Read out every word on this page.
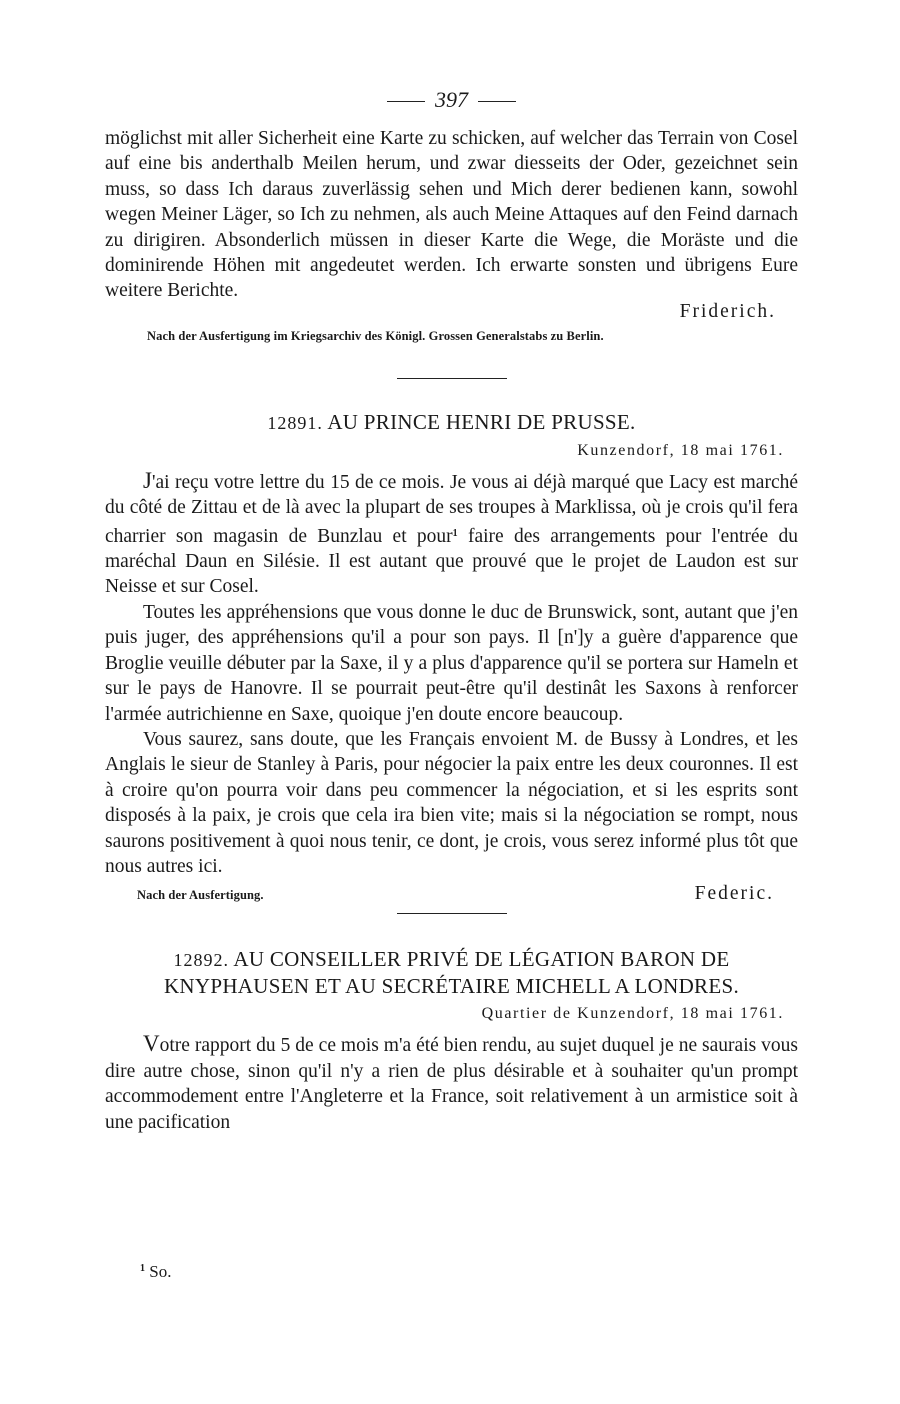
397

möglichst mit aller Sicherheit eine Karte zu schicken, auf welcher das Terrain von Cosel auf eine bis anderthalb Meilen herum, und zwar diesseits der Oder, gezeichnet sein muss, so dass Ich daraus zuverlässig sehen und Mich derer bedienen kann, sowohl wegen Meiner Läger, so Ich zu nehmen, als auch Meine Attaques auf den Feind darnach zu dirigiren. Absonderlich müssen in dieser Karte die Wege, die Moräste und die dominirende Höhen mit angedeutet werden. Ich erwarte sonsten und übrigens Eure weitere Berichte.

Friderich.
Nach der Ausfertigung im Kriegsarchiv des Königl. Grossen Generalstabs zu Berlin.
12891. AU PRINCE HENRI DE PRUSSE.
Kunzendorf, 18 mai 1761.

J'ai reçu votre lettre du 15 de ce mois. Je vous ai déjà marqué que Lacy est marché du côté de Zittau et de là avec la plupart de ses troupes à Marklissa, où je crois qu'il fera charrier son magasin de Bunzlau et pour$^1$ faire des arrangements pour l'entrée du maréchal Daun en Silésie. Il est autant que prouvé que le projet de Laudon est sur Neisse et sur Cosel.

Toutes les appréhensions que vous donne le duc de Brunswick, sont, autant que j'en puis juger, des appréhensions qu'il a pour son pays. Il [n']y a guère d'apparence que Broglie veuille débuter par la Saxe, il y a plus d'apparence qu'il se portera sur Hameln et sur le pays de Hanovre. Il se pourrait peut-être qu'il destinât les Saxons à renforcer l'armée autrichienne en Saxe, quoique j'en doute encore beaucoup.

Vous saurez, sans doute, que les Français envoient M. de Bussy à Londres, et les Anglais le sieur de Stanley à Paris, pour négocier la paix entre les deux couronnes. Il est à croire qu'on pourra voir dans peu commencer la négociation, et si les esprits sont disposés à la paix, je crois que cela ira bien vite; mais si la négociation se rompt, nous saurons positivement à quoi nous tenir, ce dont, je crois, vous serez informé plus tôt que nous autres ici.

Nach der Ausfertigung.	Federic.
12892. AU CONSEILLER PRIVÉ DE LÉGATION BARON DE KNYPHAUSEN ET AU SECRÉTAIRE MICHELL A LONDRES.
Quartier de Kunzendorf, 18 mai 1761.

Votre rapport du 5 de ce mois m'a été bien rendu, au sujet duquel je ne saurais vous dire autre chose, sinon qu'il n'y a rien de plus désirable et à souhaiter qu'un prompt accommodement entre l'Angleterre et la France, soit relativement à un armistice soit à une pacification

$^1$ So.
